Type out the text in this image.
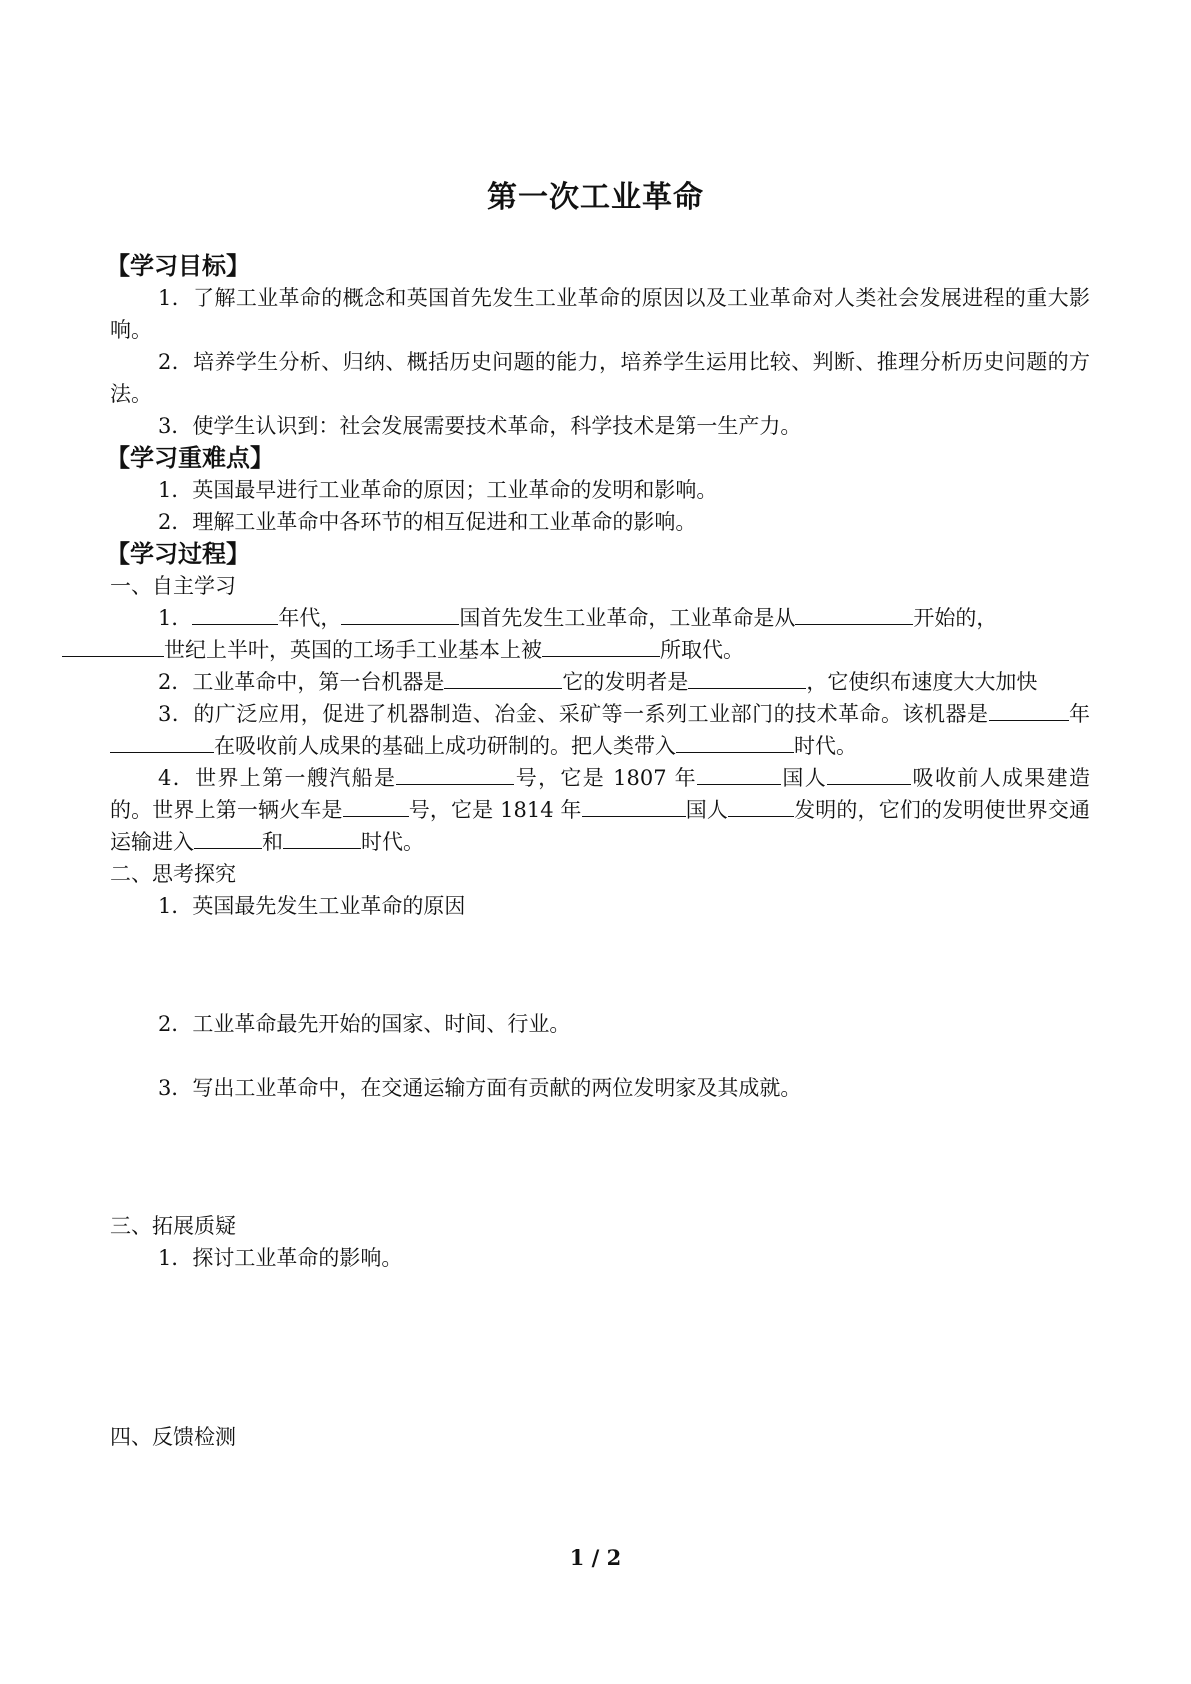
第一次工业革命
【学习目标】

1．了解工业革命的概念和英国首先发生工业革命的原因以及工业革命对人类社会发展进程的重大影响。

2．培养学生分析、归纳、概括历史问题的能力，培养学生运用比较、判断、推理分析历史问题的方法。

3．使学生认识到：社会发展需要技术革命，科学技术是第一生产力。

【学习重难点】

1．英国最早进行工业革命的原因；工业革命的发明和影响。

2．理解工业革命中各环节的相互促进和工业革命的影响。

【学习过程】
一、自主学习

1．	年代，	国首先发生工业革命，工业革命是从	开始的，
世纪上半叶，英国的工场手工业基本上被	所取代。

2．工业革命中，第一台机器是	它的发明者是	，它使织布速度大大加快

3．的广泛应用，促进了机器制造、冶金、采矿等一系列工业部门的技术革命。该机器是	年在吸收前人成果的基础上成功研制的。把人类带入	时代。

4．世界上第一艘汽船是	号，它是 1807 年	国人	吸收前人成果建造的。世界上第一辆火车是	号，它是 1814 年	国人	发明的，它们的发明使世界交通运输进入	和	时代。

二、思考探究
1．英国最先发生工业革命的原因
2．工业革命最先开始的国家、时间、行业。
3．写出工业革命中，在交通运输方面有贡献的两位发明家及其成就。
三、拓展质疑
1．探讨工业革命的影响。
四、反馈检测
1 / 2
